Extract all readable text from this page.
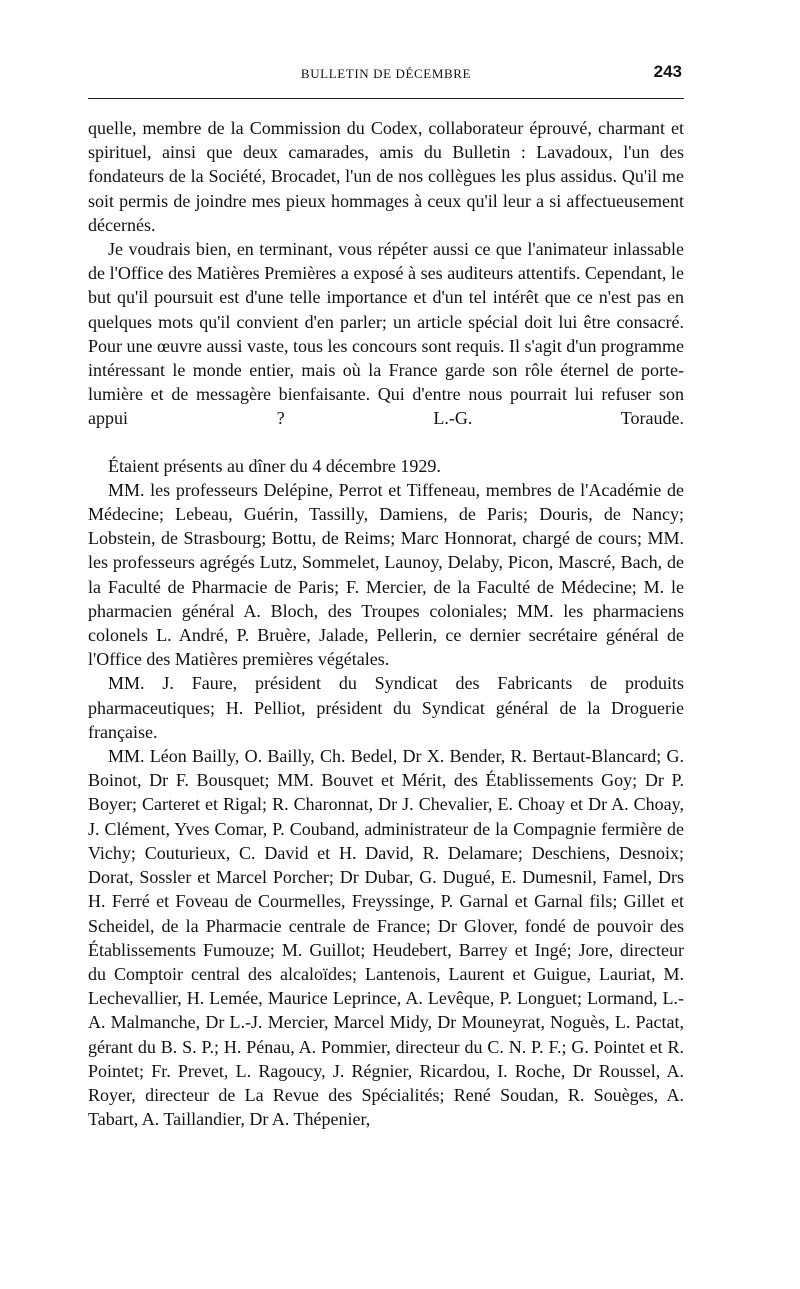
BULLETIN DE DÉCEMBRE	243

quelle, membre de la Commission du Codex, collaborateur éprouvé, charmant et spirituel, ainsi que deux camarades, amis du Bulletin : Lavadoux, l'un des fondateurs de la Société, Brocadet, l'un de nos collègues les plus assidus. Qu'il me soit permis de joindre mes pieux hommages à ceux qu'il leur a si affectueusement décernés.

Je voudrais bien, en terminant, vous répéter aussi ce que l'animateur inlassable de l'Office des Matières Premières a exposé à ses auditeurs attentifs. Cependant, le but qu'il poursuit est d'une telle importance et d'un tel intérêt que ce n'est pas en quelques mots qu'il convient d'en parler; un article spécial doit lui être consacré. Pour une œuvre aussi vaste, tous les concours sont requis. Il s'agit d'un programme intéressant le monde entier, mais où la France garde son rôle éternel de porte-lumière et de messagère bienfaisante. Qui d'entre nous pourrait lui refuser son appui ?	L.-G. Toraude.

Étaient présents au dîner du 4 décembre 1929.

MM. les professeurs Delépine, Perrot et Tiffeneau, membres de l'Académie de Médecine; Lebeau, Guérin, Tassilly, Damiens, de Paris; Douris, de Nancy; Lobstein, de Strasbourg; Bottu, de Reims; Marc Honnorat, chargé de cours; MM. les professeurs agrégés Lutz, Sommelet, Launoy, Delaby, Picon, Mascré, Bach, de la Faculté de Pharmacie de Paris; F. Mercier, de la Faculté de Médecine; M. le pharmacien général A. Bloch, des Troupes coloniales; MM. les pharmaciens colonels L. André, P. Bruère, Jalade, Pellerin, ce dernier secrétaire général de l'Office des Matières premières végétales.

MM. J. Faure, président du Syndicat des Fabricants de produits pharmaceutiques; H. Pelliot, président du Syndicat général de la Droguerie française.

MM. Léon Bailly, O. Bailly, Ch. Bedel, Dr X. Bender, R. Bertaut-Blancard; G. Boinot, Dr F. Bousquet; MM. Bouvet et Mérit, des Établissements Goy; Dr P. Boyer; Carteret et Rigal; R. Charonnat, Dr J. Chevalier, E. Choay et Dr A. Choay, J. Clément, Yves Comar, P. Couband, administrateur de la Compagnie fermière de Vichy; Couturieux, C. David et H. David, R. Delamare; Deschiens, Desnoix; Dorat, Sossler et Marcel Porcher; Dr Dubar, G. Dugué, E. Dumesnil, Famel, Drs H. Ferré et Foveau de Courmelles, Freyssinge, P. Garnal et Garnal fils; Gillet et Scheidel, de la Pharmacie centrale de France; Dr Glover, fondé de pouvoir des Établissements Fumouze; M. Guillot; Heudebert, Barrey et Ingé; Jore, directeur du Comptoir central des alcaloïdes; Lantenois, Laurent et Guigue, Lauriat, M. Lechevallier, H. Lemée, Maurice Leprince, A. Levêque, P. Longuet; Lormand, L.-A. Malmanche, Dr L.-J. Mercier, Marcel Midy, Dr Mouneyrat, Noguès, L. Pactat, gérant du B. S. P.; H. Pénau, A. Pommier, directeur du C. N. P. F.; G. Pointet et R. Pointet; Fr. Prevet, L. Ragoucy, J. Régnier, Ricardou, I. Roche, Dr Roussel, A. Royer, directeur de La Revue des Spécialités; René Soudan, R. Souèges, A. Tabart, A. Taillandier, Dr A. Thépenier,
